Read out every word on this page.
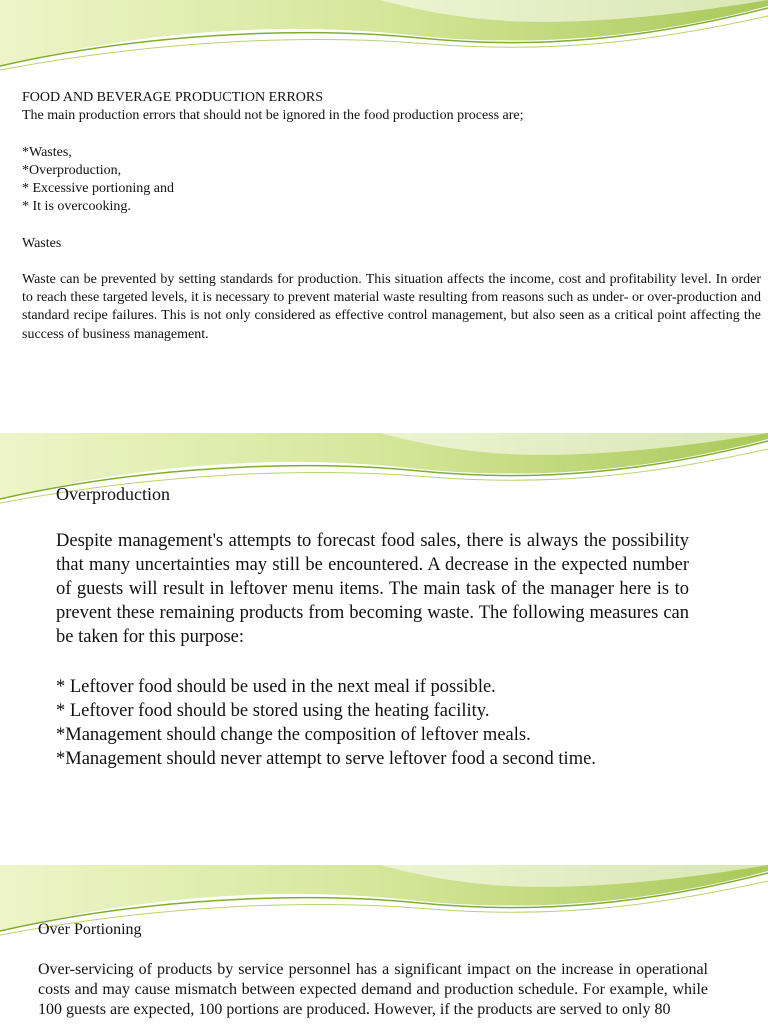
FOOD AND BEVERAGE PRODUCTION ERRORS

The main production errors that should not be ignored in the food production process are;

*Wastes,

*Overproduction,

* Excessive portioning and

* It is overcooking.

Wastes

Waste can be prevented by setting standards for production. This situation affects the income, cost and profitability level. In order to reach these targeted levels, it is necessary to prevent material waste resulting from reasons such as under- or over-production and standard recipe failures. This is not only considered as effective control management, but also seen as a critical point affecting the success of business management.

Overproduction

Despite management's attempts to forecast food sales, there is always the possibility that many uncertainties may still be encountered. A decrease in the expected number of guests will result in leftover menu items. The main task of the manager here is to prevent these remaining products from becoming waste. The following measures can be taken for this purpose:

* Leftover food should be used in the next meal if possible.
* Leftover food should be stored using the heating facility.
*Management should change the composition of leftover meals.
*Management should never attempt to serve leftover food a second time.
Over Portioning

Over-servicing of products by service personnel has a significant impact on the increase in operational costs and may cause mismatch between expected demand and production schedule. For example, while 100 guests are expected, 100 portions are produced. However, if the products are served to only 80
